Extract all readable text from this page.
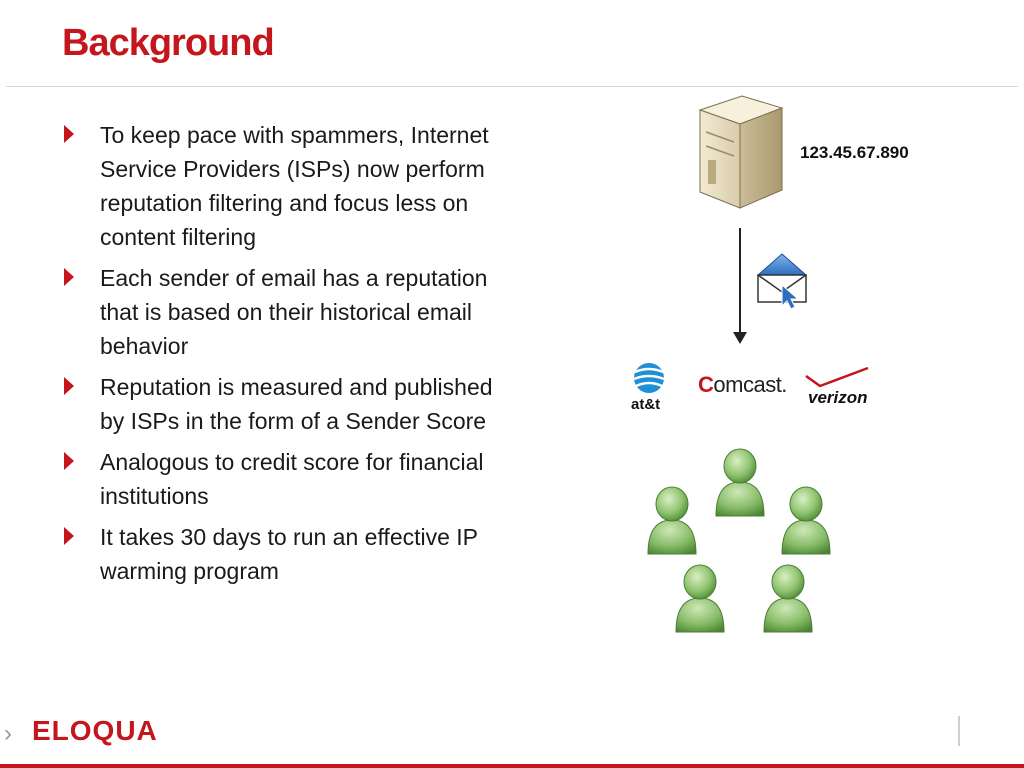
Background
To keep pace with spammers, Internet Service Providers (ISPs) now perform reputation filtering and focus less on content filtering
Each sender of email has a reputation that is based on their historical email behavior
Reputation is measured and published by ISPs in the form of a Sender Score
Analogous to credit score for financial institutions
It takes 30 days to run an effective IP warming program
123.45.67.890
at&t
Comcast.
verizon
› ELOQUA
